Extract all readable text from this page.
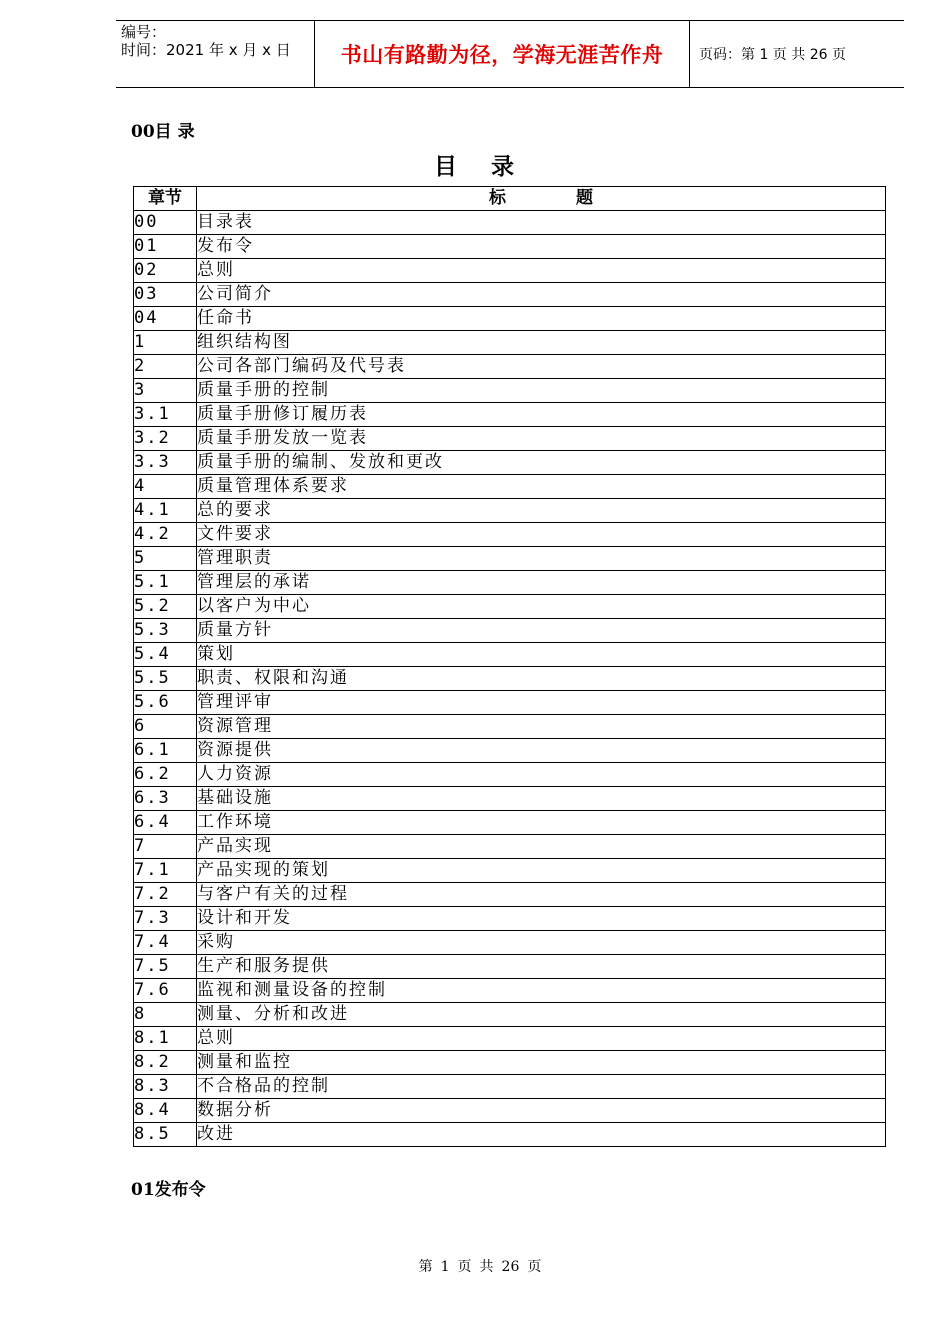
编号：
时间：2021 年 x 月 x 日	书山有路勤为径，学海无涯苦作舟	页码：第 1 页 共 26 页
00目 录
目 录
章节	标 题
00	目录表
01	发布令
02	总则
03	公司简介
04	任命书
1	组织结构图
2	公司各部门编码及代号表
3	质量手册的控制
3.1	质量手册修订履历表
3.2	质量手册发放一览表
3.3	质量手册的编制、发放和更改
4	质量管理体系要求
4.1	总的要求
4.2	文件要求
5	管理职责
5.1	管理层的承诺
5.2	以客户为中心
5.3	质量方针
5.4	策划
5.5	职责、权限和沟通
5.6	管理评审
6	资源管理
6.1	资源提供
6.2	人力资源
6.3	基础设施
6.4	工作环境
7	产品实现
7.1	产品实现的策划
7.2	与客户有关的过程
7.3	设计和开发
7.4	采购
7.5	生产和服务提供
7.6	监视和测量设备的控制
8	测量、分析和改进
8.1	总则
8.2	测量和监控
8.3	不合格品的控制
8.4	数据分析
8.5	改进
01发布令
第 1 页 共 26 页
